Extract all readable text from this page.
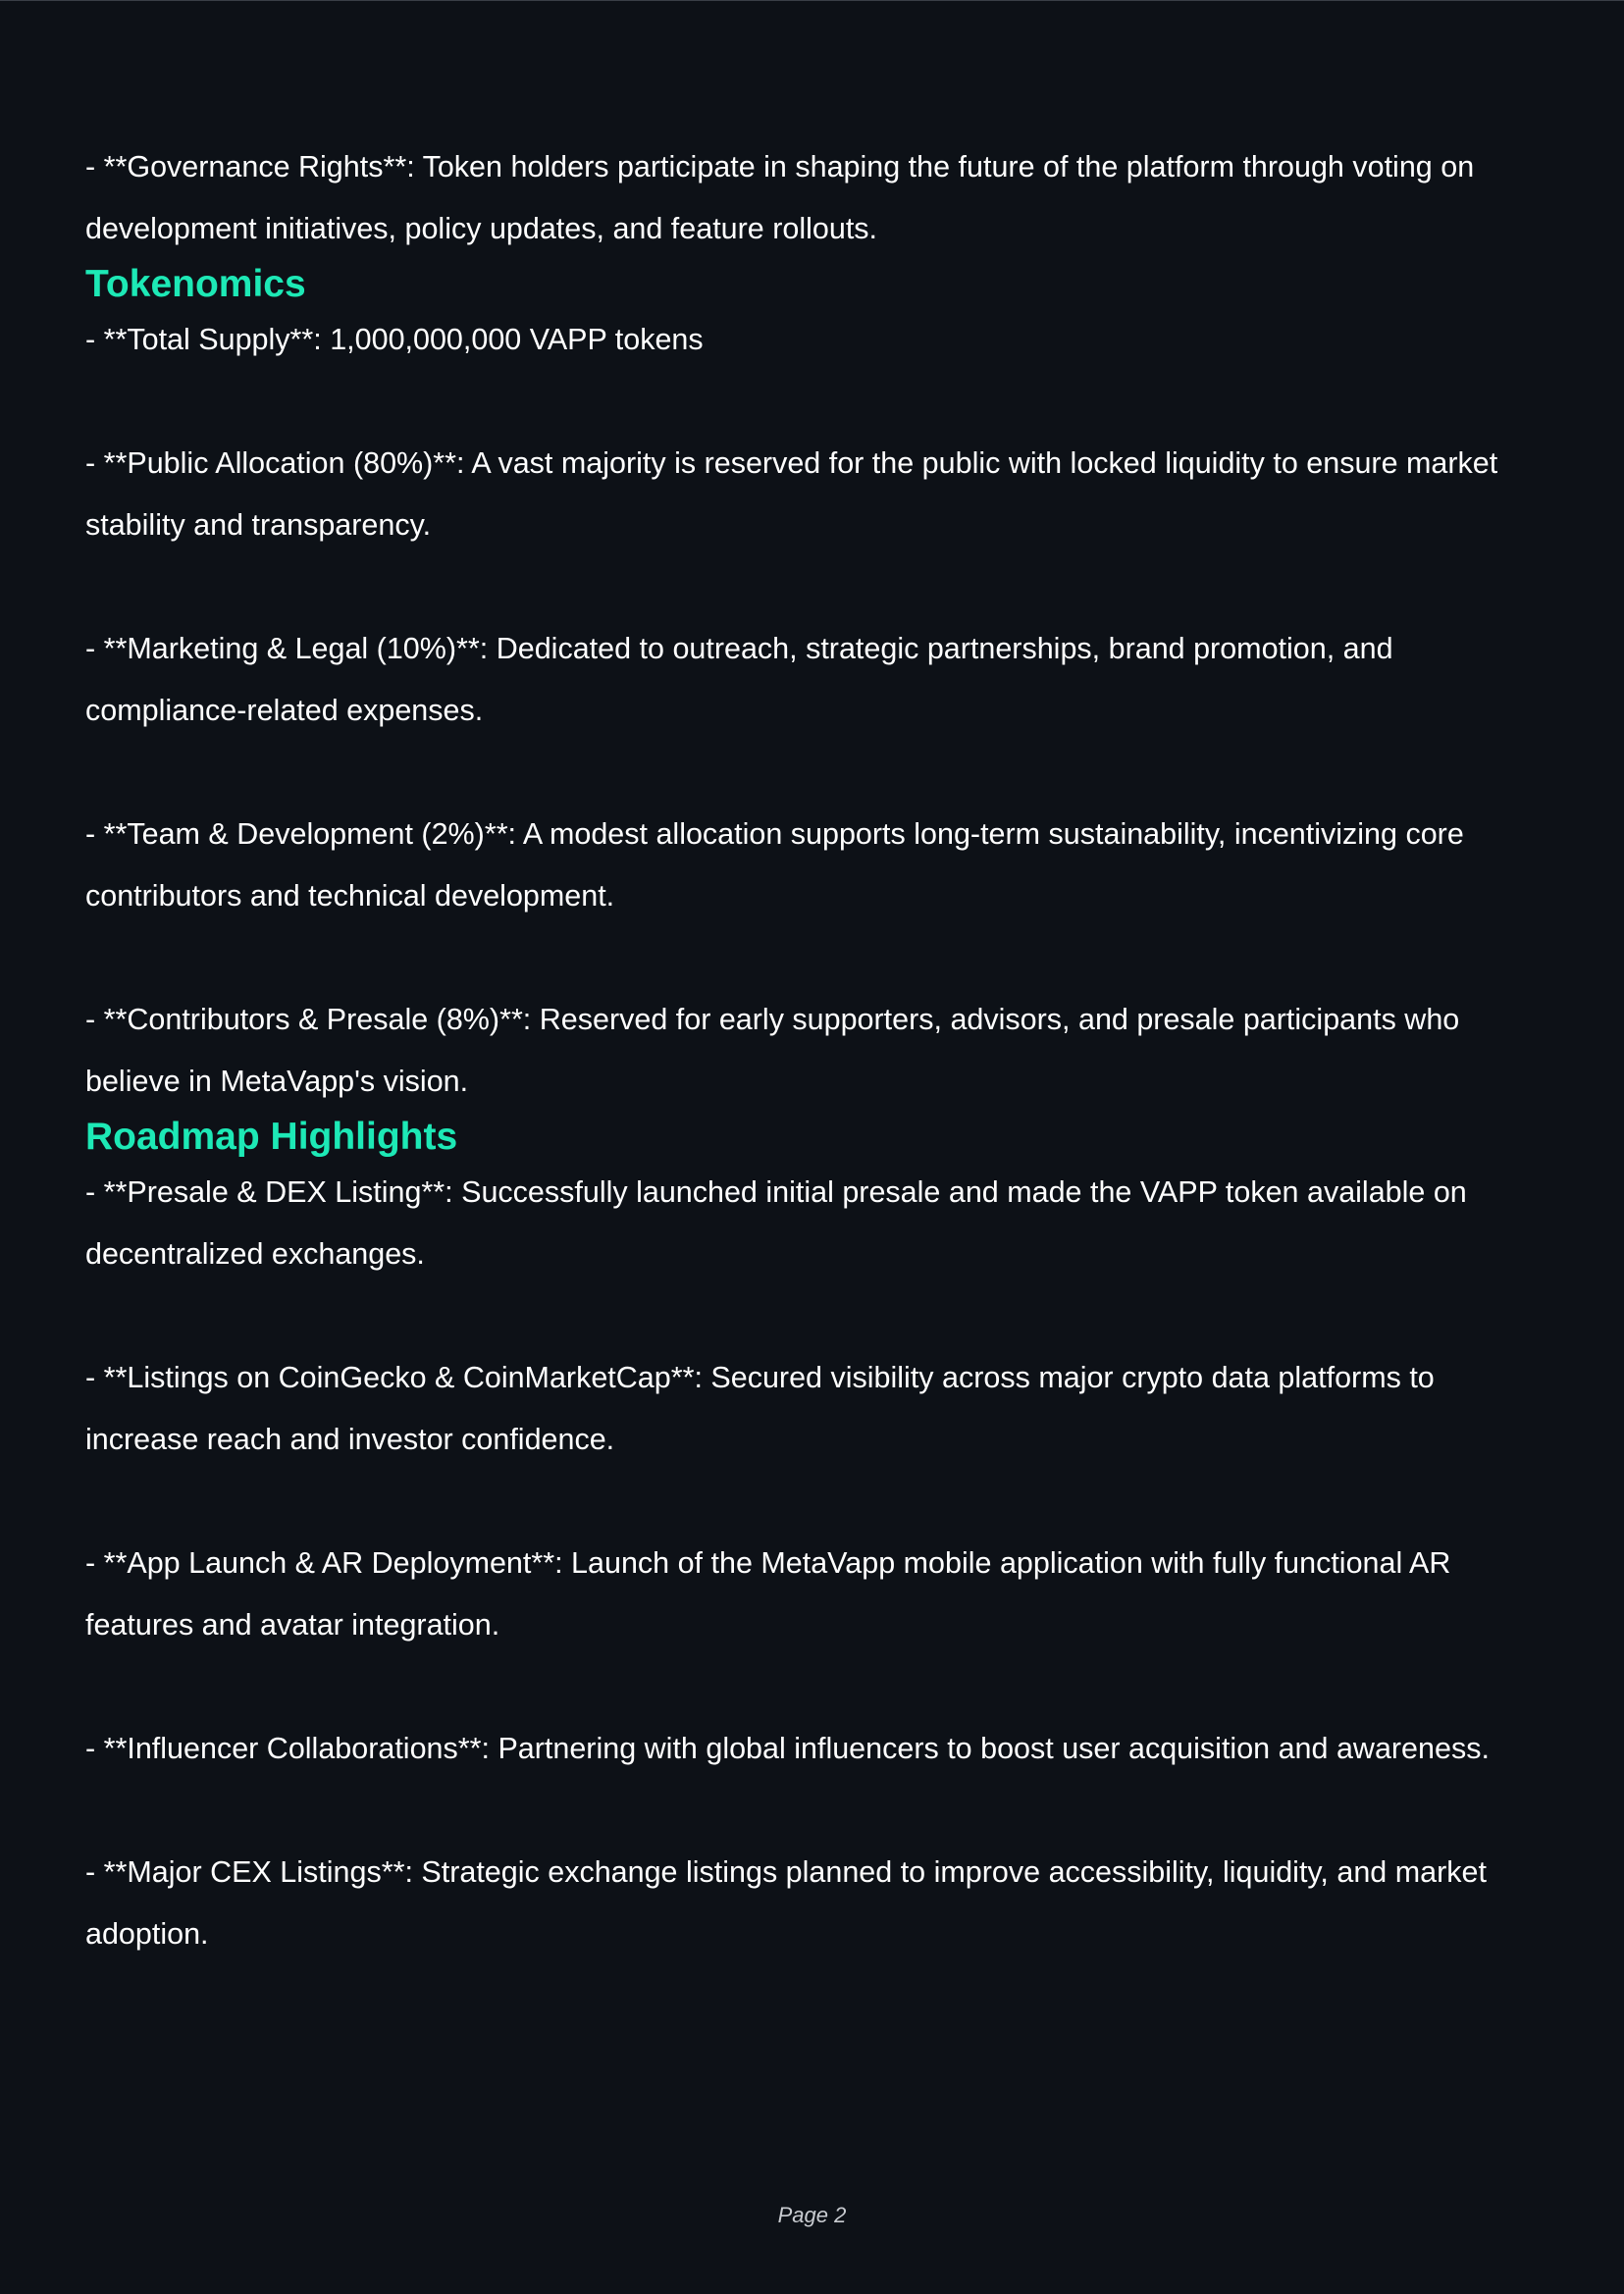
- **Governance Rights**: Token holders participate in shaping the future of the platform through voting on development initiatives, policy updates, and feature rollouts.

Tokenomics

- **Total Supply**: 1,000,000,000 VAPP tokens

- **Public Allocation (80%)**: A vast majority is reserved for the public with locked liquidity to ensure market stability and transparency.

- **Marketing & Legal (10%)**: Dedicated to outreach, strategic partnerships, brand promotion, and compliance-related expenses.

- **Team & Development (2%)**: A modest allocation supports long-term sustainability, incentivizing core contributors and technical development.

- **Contributors & Presale (8%)**: Reserved for early supporters, advisors, and presale participants who believe in MetaVapp's vision.

Roadmap Highlights

- **Presale & DEX Listing**: Successfully launched initial presale and made the VAPP token available on decentralized exchanges.

- **Listings on CoinGecko & CoinMarketCap**: Secured visibility across major crypto data platforms to increase reach and investor confidence.

- **App Launch & AR Deployment**: Launch of the MetaVapp mobile application with fully functional AR features and avatar integration.

- **Influencer Collaborations**: Partnering with global influencers to boost user acquisition and awareness.

- **Major CEX Listings**: Strategic exchange listings planned to improve accessibility, liquidity, and market adoption.

Page 2
